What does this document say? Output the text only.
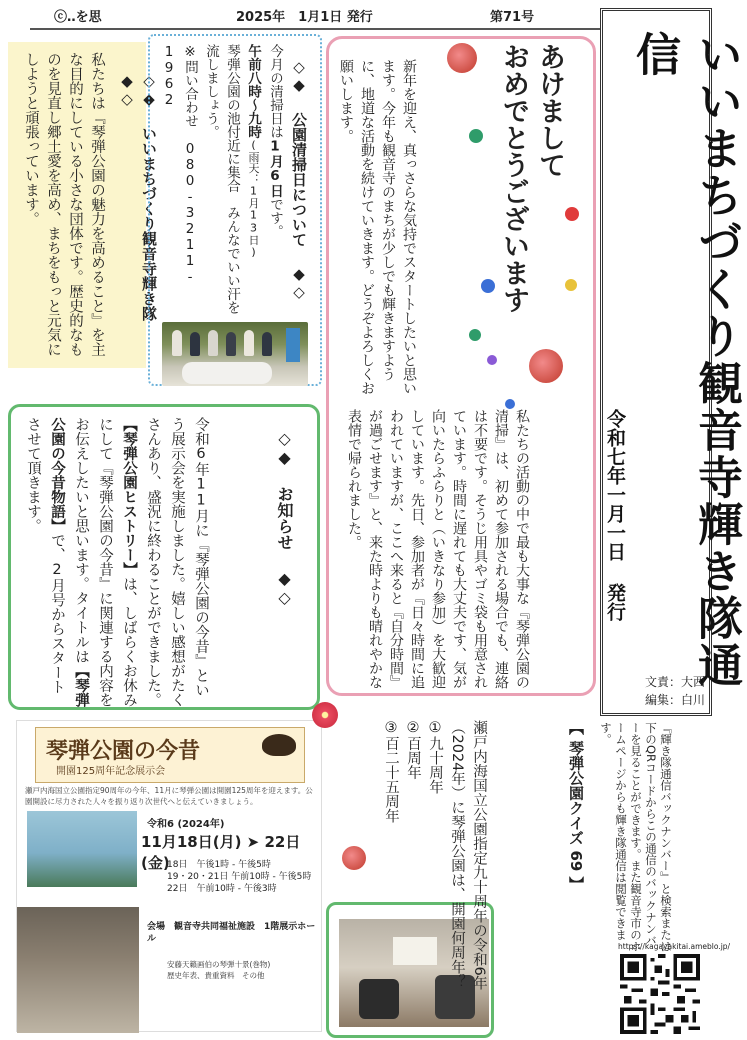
ⓒ‥を思	2025年　1月1日 発行	第71号
いいまちづくり観音寺輝き隊通信
令和七年一月一日 発行
文責：大西
編集：白川
◇◆ いいまちづくり観音寺輝き隊 ◆◇
私たちは『琴弾公園の魅力を高めること』を主な目的にしている小さな団体です。歴史的なものを見直し郷土愛を高め、まちをもっと元気にしようと頑張っています。	◇◆ 公園清掃日について ◆◇
今月の清掃日は1月6日です。
午前八時～九時(雨天：1月13日)
琴弾公園の池付近に集合　みんなでいい汗を流しましょう。
※問い合わせ　080-3211-1962	あけまして
おめでとうございます
新年を迎え、真っさらな気持でスタートしたいと思います。今年も観音寺のまちが少しでも輝きますように、地道な活動を続けていきます。どうぞよろしくお願いします。
私たちの活動の中で最も大事な『琴弾公園の清掃』は、初めて参加される場合でも、連絡は不要です。そうじ用具やゴミ袋も用意されています。時間に遅れても大丈夫です、気が向いたらふらりと（いきなり参加）を大歓迎しています。先日、参加者が『日々時間に追われていますが、ここへ来ると『自分時間』が過ごせます』と、来た時よりも晴れやかな表情で帰られました。
◇◆ お知らせ ◆◇
令和6年11月に『琴弾公園の今昔』という展示会を実施しました。嬉しい感想がたくさんあり、盛況に終わることができました。【琴弾公園ヒストリー】は、しばらくお休みにして『琴弾公園の今昔』に関連する内容をお伝えしたいと思います。タイトルは【琴弾公園の今昔物語】で、2月号からスタートさせて頂きます。
琴弾公園の今昔
開園125周年記念展示会
瀬戸内海国立公園指定90周年の今年、11月に琴弾公園は開園125周年を迎えます。公園開設に尽力された人々を振り返り次世代へと伝えていきましょう。
令和6 (2024年)
11月18日(月) ➤ 22日(金)
18日　午後1時 - 午後5時
19・20・21日 午前10時 - 午後5時
22日　午前10時 - 午後3時
会場　観音寺共同福祉施設　1階展示ホール
安藤天籟画伯の琴弾十景(巻物)
歴史年表、貴重資料　その他
【 琴弾公園クイズ 69 】
瀬戸内海国立公園指定九十周年の令和6年（2024年）に琴弾公園は、開園何周年？
①九十周年
②百周年
③百二十五周年	『輝き隊通信バックナンバー』と検索または下のQRコードからこの通信のバックナンバーを見ることができます。また観音寺市のホームページからも輝き隊通信は閲覧できます。
https://kagayakitai.ameblo.jp/
